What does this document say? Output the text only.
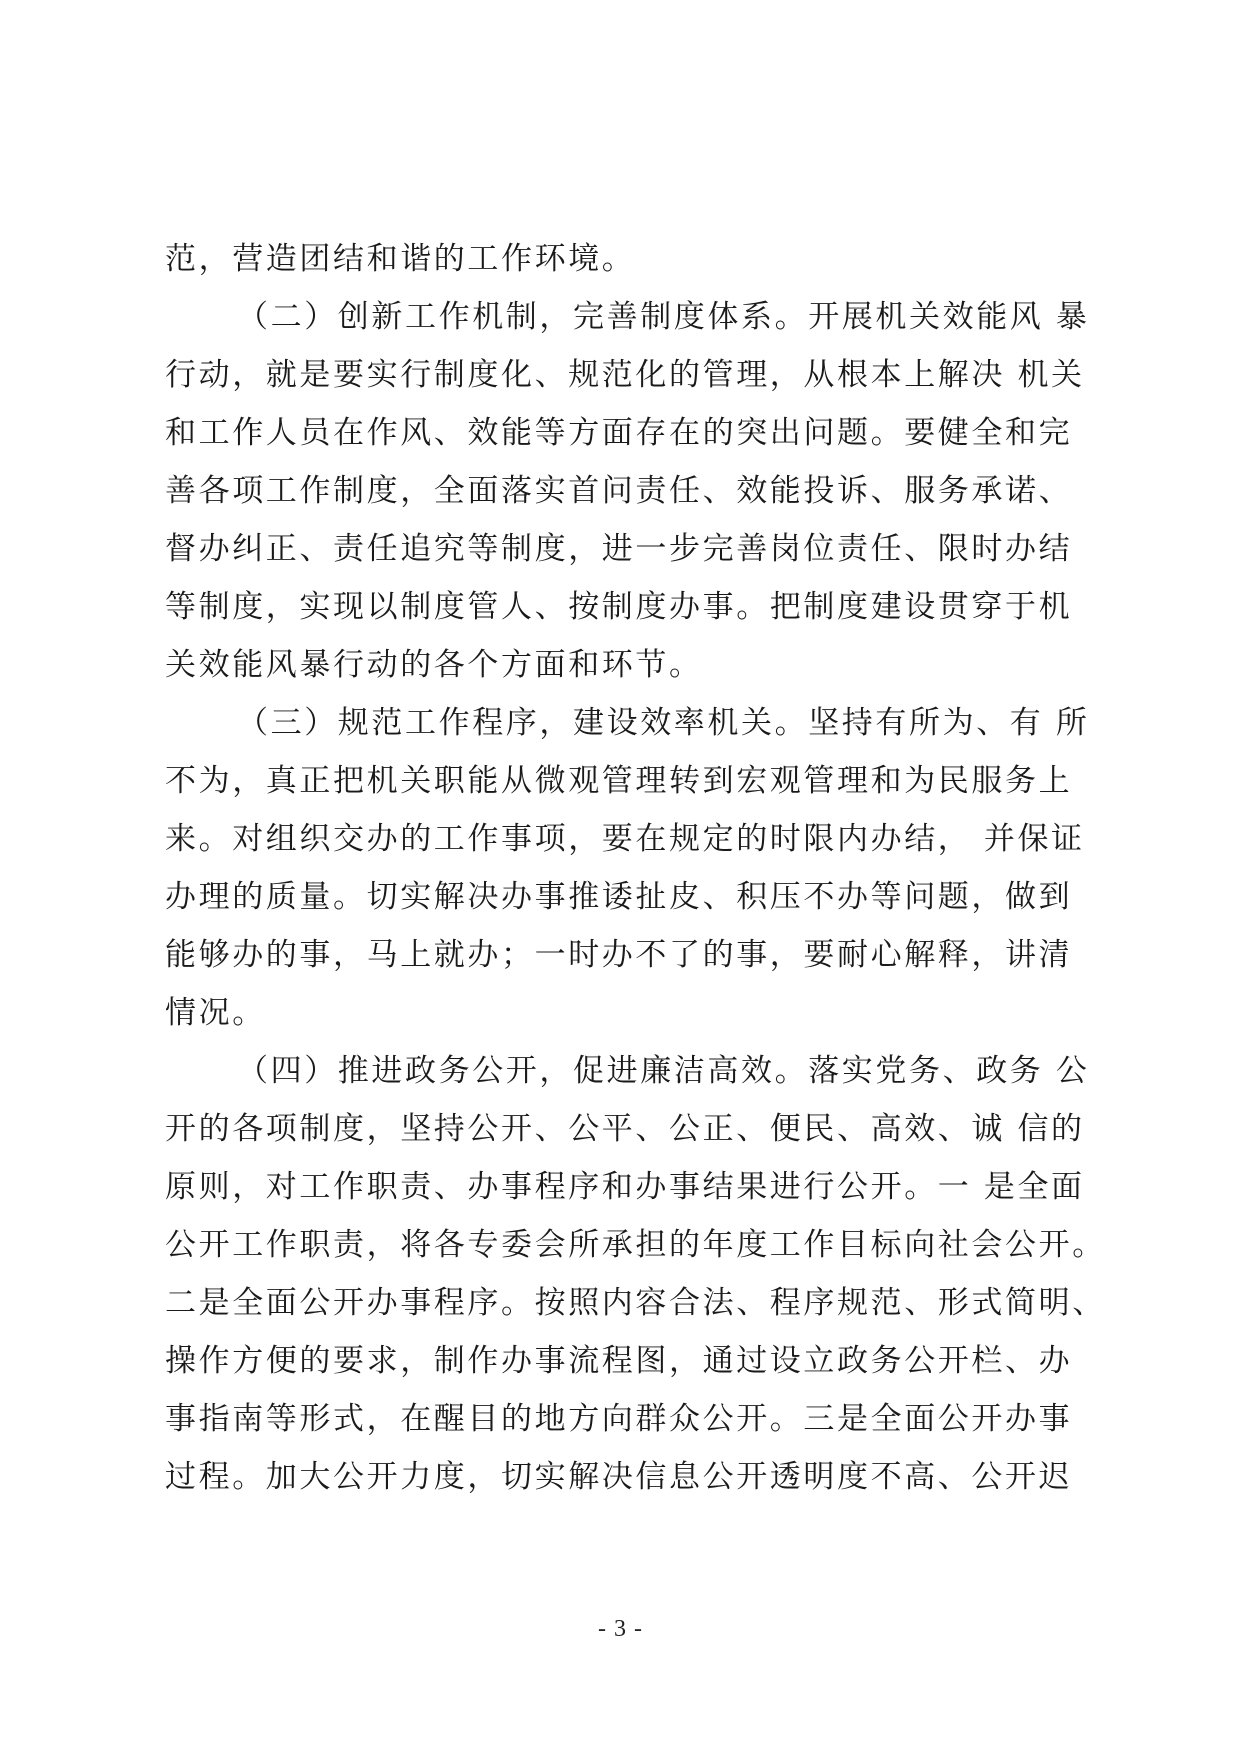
范，营造团结和谐的工作环境。
（二）创新工作机制，完善制度体系。开展机关效能风 暴
行动，就是要实行制度化、规范化的管理，从根本上解决 机关
和工作人员在作风、效能等方面存在的突出问题。要健全和完
善各项工作制度，全面落实首问责任、效能投诉、服务承诺、
督办纠正、责任追究等制度，进一步完善岗位责任、限时办结
等制度，实现以制度管人、按制度办事。把制度建设贯穿于机
关效能风暴行动的各个方面和环节。
（三）规范工作程序，建设效率机关。坚持有所为、有 所
不为，真正把机关职能从微观管理转到宏观管理和为民服务上
来。对组织交办的工作事项，要在规定的时限内办结， 并保证
办理的质量。切实解决办事推诿扯皮、积压不办等问题，做到
能够办的事，马上就办；一时办不了的事，要耐心解释，讲清
情况。
（四）推进政务公开，促进廉洁高效。落实党务、政务 公
开的各项制度，坚持公开、公平、公正、便民、高效、诚 信的
原则，对工作职责、办事程序和办事结果进行公开。一 是全面
公开工作职责，将各专委会所承担的年度工作目标向社会公开。
二是全面公开办事程序。按照内容合法、程序规范、形式简明、
操作方便的要求，制作办事流程图，通过设立政务公开栏、办
事指南等形式，在醒目的地方向群众公开。三是全面公开办事
过程。加大公开力度，切实解决信息公开透明度不高、公开迟
- 3 -
